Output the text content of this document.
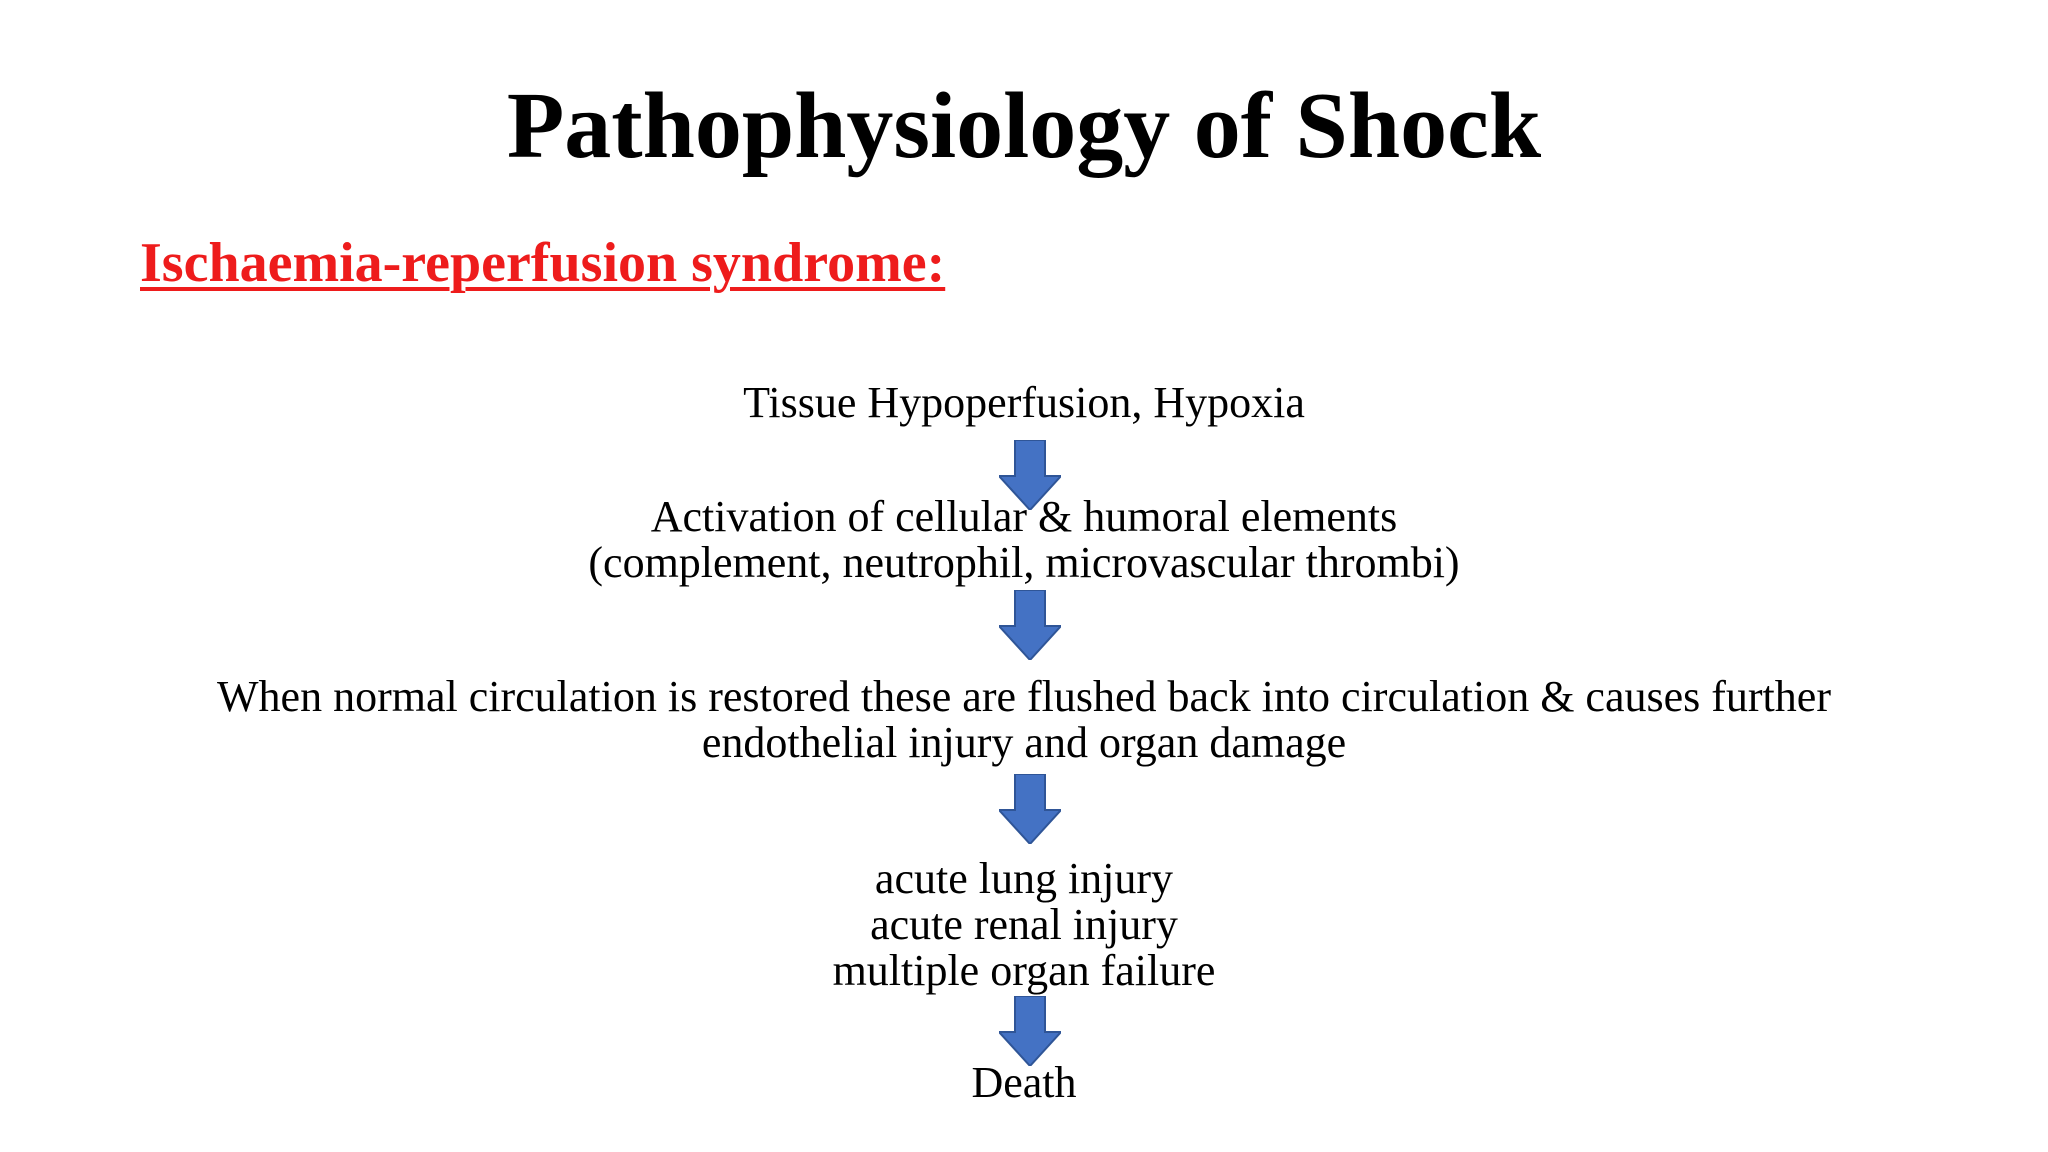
Pathophysiology of Shock
Ischaemia-reperfusion syndrome:
Tissue Hypoperfusion, Hypoxia
Activation of cellular & humoral elements
(complement, neutrophil, microvascular thrombi)
When normal circulation is restored these are flushed back into circulation & causes further
endothelial injury and organ damage
acute lung injury
acute renal injury
multiple organ failure
Death
